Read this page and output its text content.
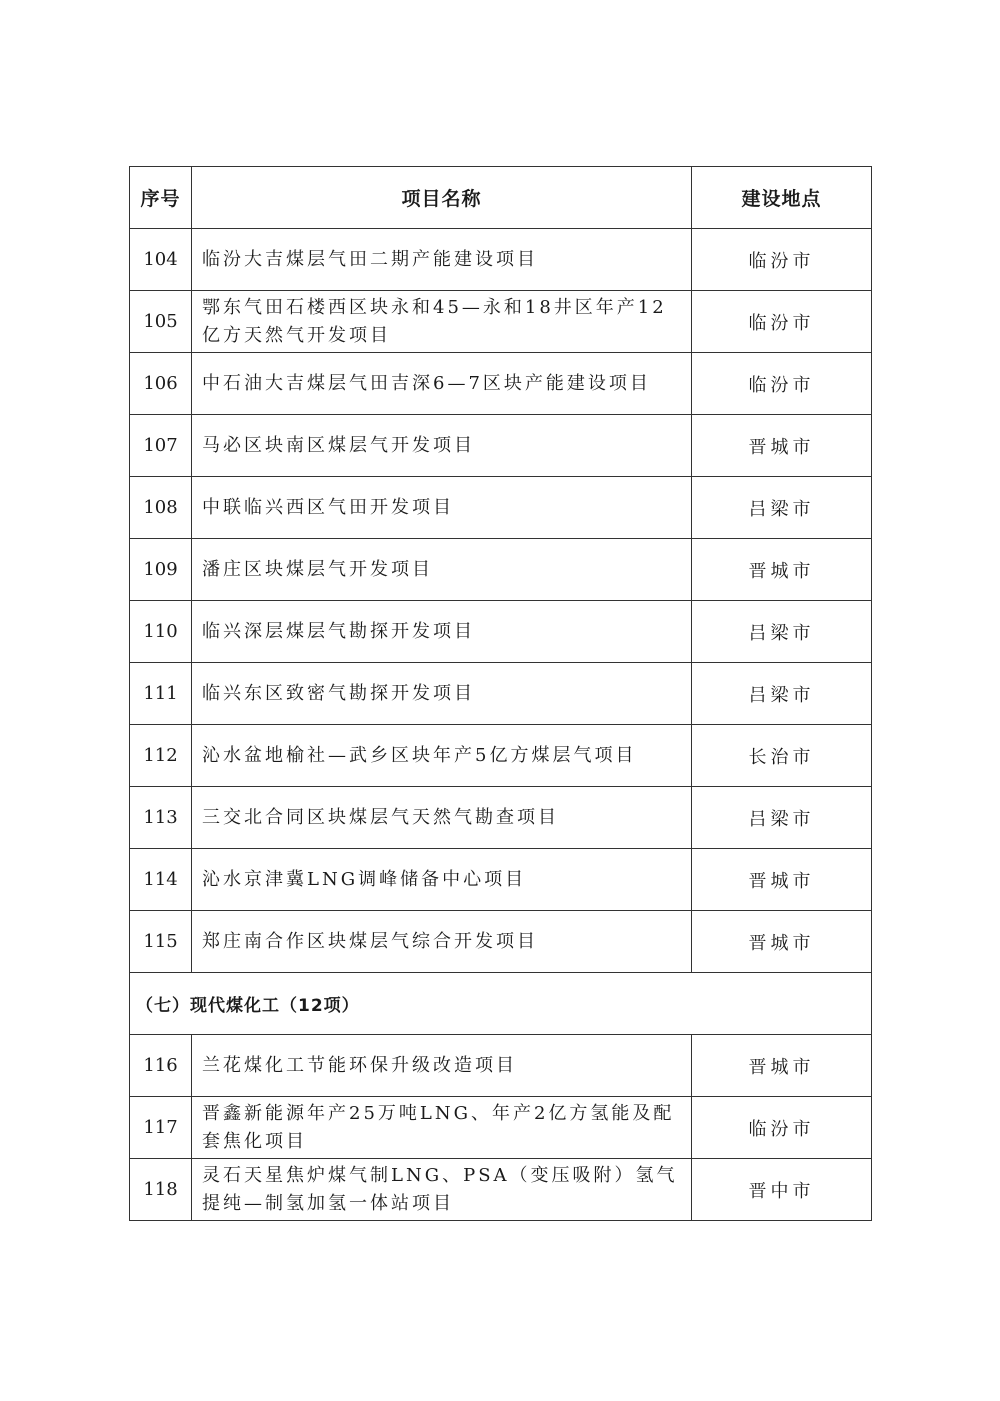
序号	项目名称	建设地点
104	临汾大吉煤层气田二期产能建设项目	临汾市
105	鄂东气田石楼西区块永和45—永和18井区年产12亿方天然气开发项目	临汾市
106	中石油大吉煤层气田吉深6—7区块产能建设项目	临汾市
107	马必区块南区煤层气开发项目	晋城市
108	中联临兴西区气田开发项目	吕梁市
109	潘庄区块煤层气开发项目	晋城市
110	临兴深层煤层气勘探开发项目	吕梁市
111	临兴东区致密气勘探开发项目	吕梁市
112	沁水盆地榆社—武乡区块年产5亿方煤层气项目	长治市
113	三交北合同区块煤层气天然气勘查项目	吕梁市
114	沁水京津冀LNG调峰储备中心项目	晋城市
115	郑庄南合作区块煤层气综合开发项目	晋城市
（七）现代煤化工（12项）		
116	兰花煤化工节能环保升级改造项目	晋城市
117	晋鑫新能源年产25万吨LNG、年产2亿方氢能及配套焦化项目	临汾市
118	灵石天星焦炉煤气制LNG、PSA（变压吸附）氢气提纯—制氢加氢一体站项目	晋中市
